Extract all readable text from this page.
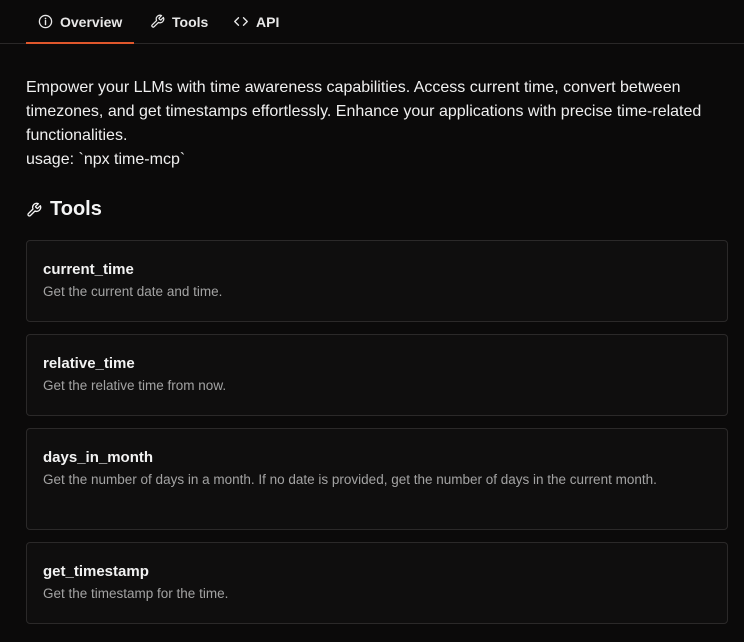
Overview	Tools	API

Empower your LLMs with time awareness capabilities. Access current time, convert between timezones, and get timestamps effortlessly. Enhance your applications with precise time-related functionalities.

usage: `npx time-mcp`

Tools
current_time
Get the current date and time.
relative_time
Get the relative time from now.
days_in_month
Get the number of days in a month. If no date is provided, get the number of days in the current month.
get_timestamp
Get the timestamp for the time.
